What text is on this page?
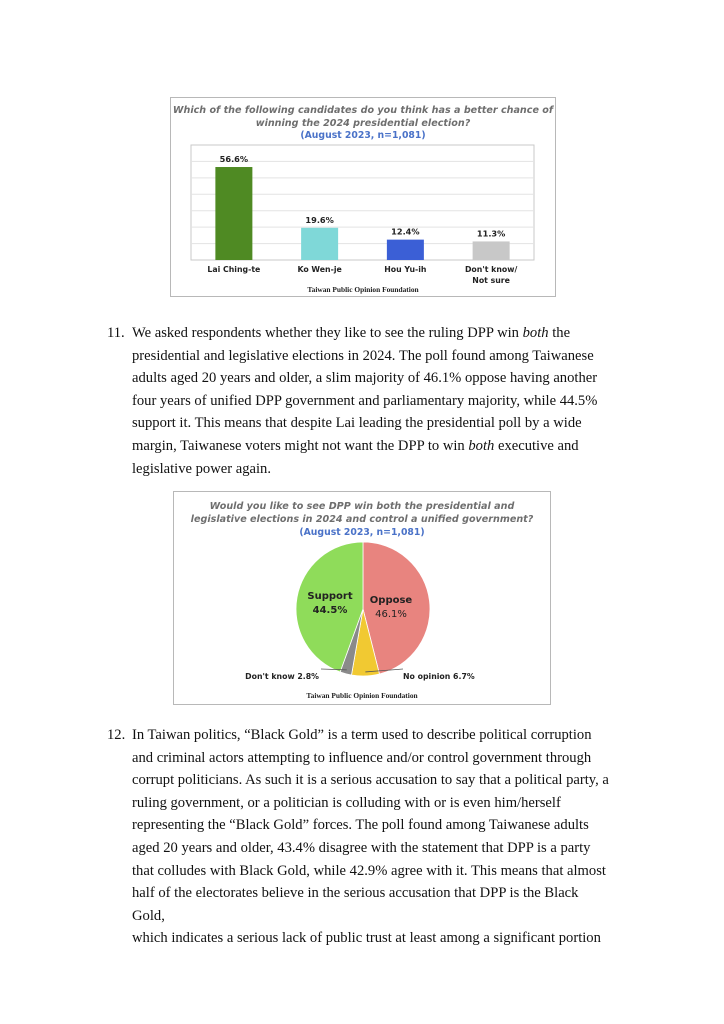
Which of the following candidates do you think has a better chance of
winning the 2024 presidential election?
(August 2023, n=1,081)
56.6%
Lai Ching-te
19.6%
Ko Wen-je
12.4%
Hou Yu-ih
11.3%
Don't know/
Not sure
Taiwan Public Opinion Foundation
11. We asked respondents whether they like to see the ruling DPP win both the

presidential and legislative elections in 2024. The poll found among Taiwanese

adults aged 20 years and older, a slim majority of 46.1% oppose having another

four years of unified DPP government and parliamentary majority, while 44.5%

support it. This means that despite Lai leading the presidential poll by a wide

margin, Taiwanese voters might not want the DPP to win both executive and

legislative power again.

Would you like to see DPP win both the presidential and
legislative elections in 2024 and control a unified government?
(August 2023, n=1,081)
Oppose
46.1%
Support
44.5%
No opinion 6.7%
Don't know 2.8%
Taiwan Public Opinion Foundation
12. In Taiwan politics, “Black Gold” is a term used to describe political corruption

and criminal actors attempting to influence and/or control government through

corrupt politicians. As such it is a serious accusation to say that a political party, a

ruling government, or a politician is colluding with or is even him/herself

representing the “Black Gold” forces. The poll found among Taiwanese adults

aged 20 years and older, 43.4% disagree with the statement that DPP is a party

that colludes with Black Gold, while 42.9% agree with it. This means that almost

half of the electorates believe in the serious accusation that DPP is the Black Gold,

which indicates a serious lack of public trust at least among a significant portion
